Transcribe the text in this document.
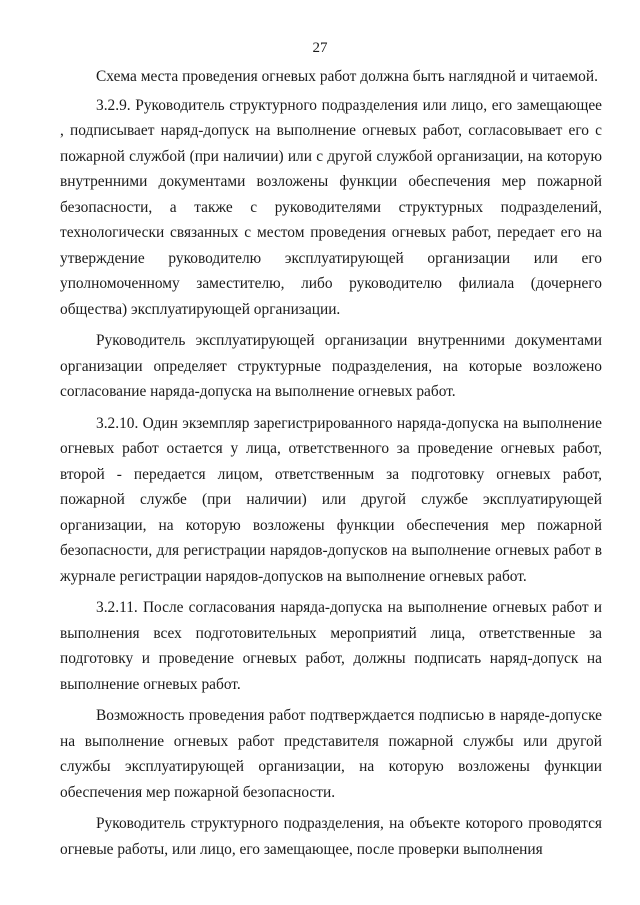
27

Схема места проведения огневых работ должна быть наглядной и читаемой.

3.2.9. Руководитель структурного подразделения или лицо, его замещающее , подписывает наряд-допуск на выполнение огневых работ, согласовывает его с пожарной службой (при наличии) или с другой службой организации, на которую внутренними документами возложены функции обеспечения мер пожарной безопасности, а также с руководителями структурных подразделений, технологически связанных с местом проведения огневых работ, передает его на утверждение руководителю эксплуатирующей организации или его уполномоченному заместителю, либо руководителю филиала (дочернего общества) эксплуатирующей организации.

Руководитель эксплуатирующей организации внутренними документами организации определяет структурные подразделения, на которые возложено согласование наряда-допуска на выполнение огневых работ.

3.2.10. Один экземпляр зарегистрированного наряда-допуска на выполнение огневых работ остается у лица, ответственного за проведение огневых работ, второй - передается лицом, ответственным за подготовку огневых работ, пожарной службе (при наличии) или другой службе эксплуатирующей организации, на которую возложены функции обеспечения мер пожарной безопасности, для регистрации нарядов-допусков на выполнение огневых работ в журнале регистрации нарядов-допусков на выполнение огневых работ.

3.2.11. После согласования наряда-допуска на выполнение огневых работ и выполнения всех подготовительных мероприятий лица, ответственные за подготовку и проведение огневых работ, должны подписать наряд-допуск на выполнение огневых работ.

Возможность проведения работ подтверждается подписью в наряде-допуске на выполнение огневых работ представителя пожарной службы или другой службы эксплуатирующей организации, на которую возложены функции обеспечения мер пожарной безопасности.

Руководитель структурного подразделения, на объекте которого проводятся огневые работы, или лицо, его замещающее, после проверки выполнения
